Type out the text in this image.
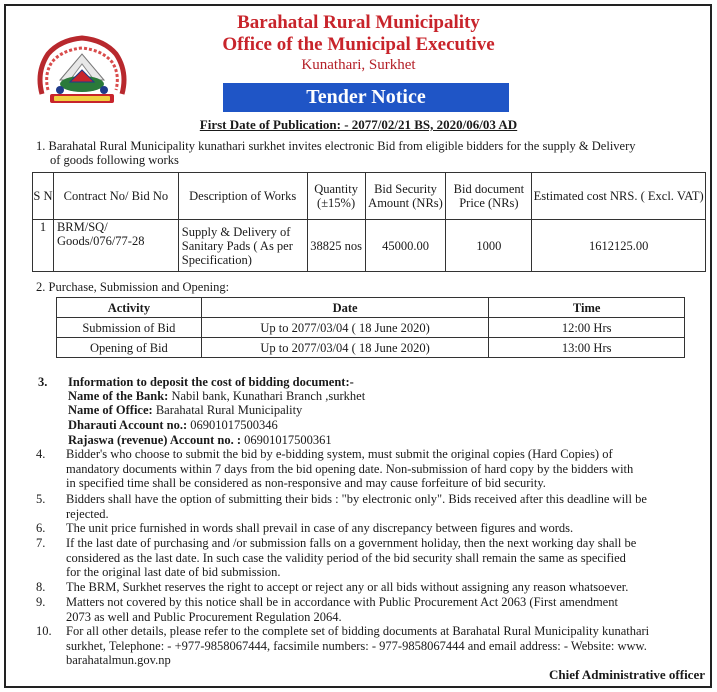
Barahatal Rural Municipality
Office of the Municipal Executive
Kunathari, Surkhet
Tender Notice
First Date of Publication: - 2077/02/21 BS, 2020/06/03 AD
1. Barahatal Rural Municipality kunathari surkhet invites electronic Bid from eligible bidders for the supply & Delivery
of goods following works
S N	Contract No/ Bid No	Description of Works	Quantity (±15%)	Bid Security Amount (NRs)	Bid document Price (NRs)	Estimated cost NRS. ( Excl. VAT)
1	BRM/SQ/ Goods/076/77-28	Supply & Delivery of Sanitary Pads ( As per Specification)	38825 nos	45000.00	1000	1612125.00
2. Purchase, Submission and Opening:
Activity	Date	Time
Submission of Bid	Up to 2077/03/04 ( 18 June 2020)	12:00 Hrs
Opening of Bid	Up to 2077/03/04 ( 18 June 2020)	13:00 Hrs
3. Information to deposit the cost of bidding document:-
Name of the Bank: Nabil bank, Kunathari Branch ,surkhet
Name of Office: Barahatal Rural Municipality
Dharauti Account no.: 06901017500346
Rajaswa (revenue) Account no. : 06901017500361
4. Bidder's who choose to submit the bid by e-bidding system, must submit the original copies (Hard Copies) of
mandatory documents within 7 days from the bid opening date. Non-submission of hard copy by the bidders with
in specified time shall be considered as non-responsive and may cause forfeiture of bid security.
5. Bidders shall have the option of submitting their bids : "by electronic only". Bids received after this deadline will be
rejected.
6. The unit price furnished in words shall prevail in case of any discrepancy between figures and words.
7. If the last date of purchasing and /or submission falls on a government holiday, then the next working day shall be
considered as the last date. In such case the validity period of the bid security shall remain the same as specified
for the original last date of bid submission.
8. The BRM, Surkhet reserves the right to accept or reject any or all bids without assigning any reason whatsoever.
9. Matters not covered by this notice shall be in accordance with Public Procurement Act 2063 (First amendment
2073 as well and Public Procurement Regulation 2064.
10. For all other details, please refer to the complete set of bidding documents at Barahatal Rural Municipality kunathari
surkhet, Telephone: - +977-9858067444, facsimile numbers: - 977-9858067444 and email address: - Website: www.
barahatalmun.gov.np
Chief Administrative officer
